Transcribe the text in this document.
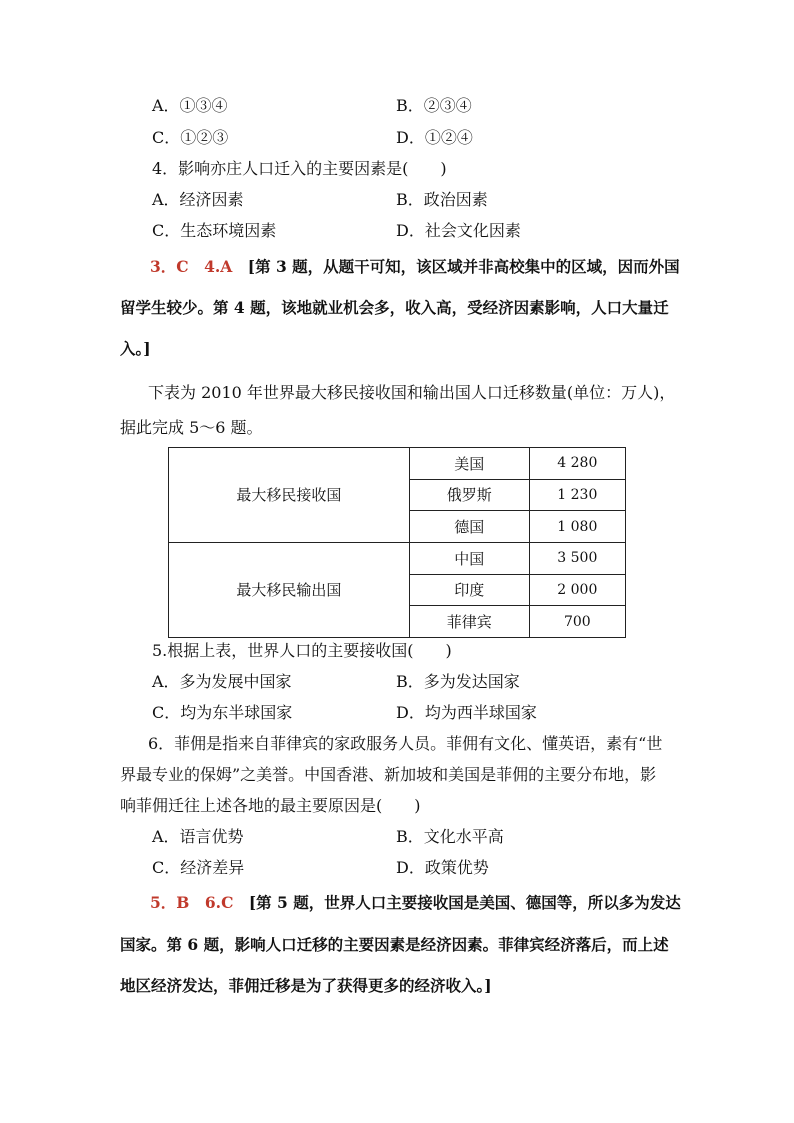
A．①③④	B．②③④
C．①②③	D．①②④
4．影响亦庄人口迁入的主要因素是(　　)
A．经济因素	B．政治因素
C．生态环境因素	D．社会文化因素
3．C　4.A [第 3 题，从题干可知，该区域并非高校集中的区域，因而外国
留学生较少。第 4 题，该地就业机会多，收入高，受经济因素影响，人口大量迁
入。]
下表为 2010 年世界最大移民接收国和输出国人口迁移数量(单位：万人)，
据此完成 5～6 题。
最大移民接收国	美国	4 280
	俄罗斯	1 230
	德国	1 080
最大移民输出国	中国	3 500
	印度	2 000
	菲律宾	700
5.根据上表，世界人口的主要接收国(　　)
A．多为发展中国家	B．多为发达国家
C．均为东半球国家	D．均为西半球国家
6．菲佣是指来自菲律宾的家政服务人员。菲佣有文化、懂英语，素有“世
界最专业的保姆”之美誉。中国香港、新加坡和美国是菲佣的主要分布地，影
响菲佣迁往上述各地的最主要原因是(　　)
A．语言优势	B．文化水平高
C．经济差异	D．政策优势
5．B　6.C [第 5 题，世界人口主要接收国是美国、德国等，所以多为发达
国家。第 6 题，影响人口迁移的主要因素是经济因素。菲律宾经济落后，而上述
地区经济发达，菲佣迁移是为了获得更多的经济收入。]
